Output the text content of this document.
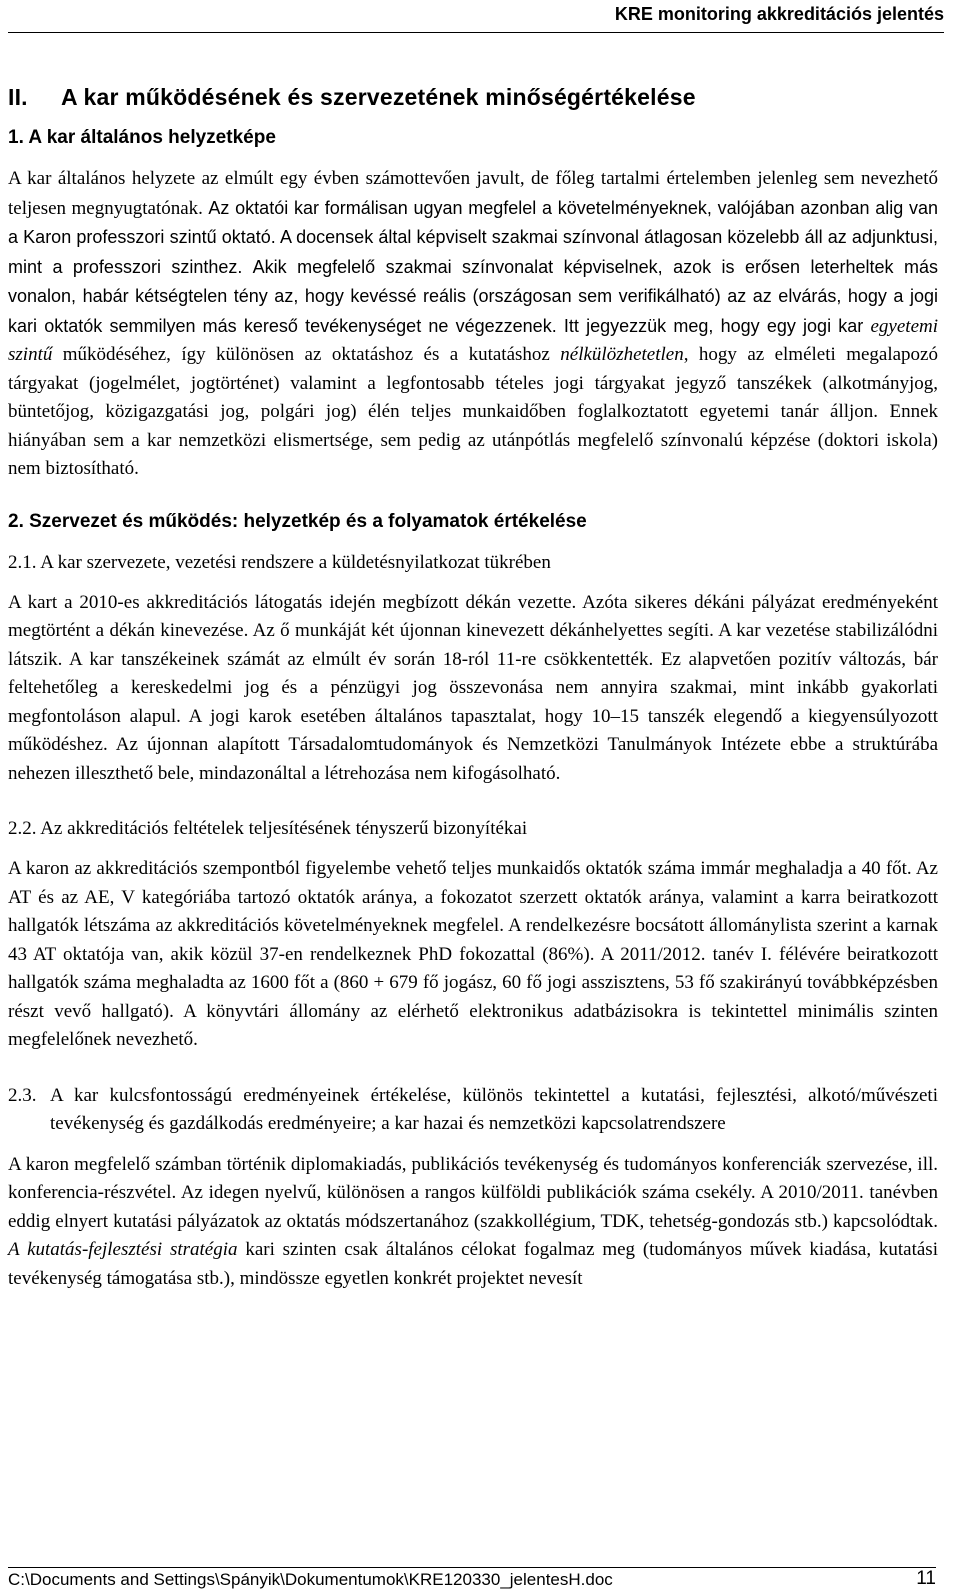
KRE monitoring akkreditációs jelentés
II. A kar működésének és szervezetének minőségértékelése
1. A kar általános helyzetképe

A kar általános helyzete az elmúlt egy évben számottevően javult, de főleg tartalmi értelemben jelenleg sem nevezhető teljesen megnyugtatónak. Az oktatói kar formálisan ugyan megfelel a követelményeknek, valójában azonban alig van a Karon professzori szintű oktató. A docensek által képviselt szakmai színvonal átlagosan közelebb áll az adjunktusi, mint a professzori szinthez. Akik megfelelő szakmai színvonalat képviselnek, azok is erősen leterheltek más vonalon, habár kétségtelen tény az, hogy kevéssé reális (országosan sem verifikálható) az az elvárás, hogy a jogi kari oktatók semmilyen más kereső tevékenységet ne végezzenek. Itt jegyezzük meg, hogy egy jogi kar egyetemi szintű működéséhez, így különösen az oktatáshoz és a kutatáshoz nélkülözhetetlen, hogy az elméleti megalapozó tárgyakat (jogelmélet, jogtörténet) valamint a legfontosabb tételes jogi tárgyakat jegyző tanszékek (alkotmányjog, büntetőjog, közigazgatási jog, polgári jog) élén teljes munkaidőben foglalkoztatott egyetemi tanár álljon. Ennek hiányában sem a kar nemzetközi elismertsége, sem pedig az utánpótlás megfelelő színvonalú képzése (doktori iskola) nem biztosítható.

2. Szervezet és működés: helyzetkép és a folyamatok értékelése
2.1. A kar szervezete, vezetési rendszere a küldetésnyilatkozat tükrében

A kart a 2010-es akkreditációs látogatás idején megbízott dékán vezette. Azóta sikeres dékáni pályázat eredményeként megtörtént a dékán kinevezése. Az ő munkáját két újonnan kinevezett dékánhelyettes segíti. A kar vezetése stabilizálódni látszik. A kar tanszékeinek számát az elmúlt év során 18-ról 11-re csökkentették. Ez alapvetően pozitív változás, bár feltehetőleg a kereskedelmi jog és a pénzügyi jog összevonása nem annyira szakmai, mint inkább gyakorlati megfontoláson alapul. A jogi karok esetében általános tapasztalat, hogy 10–15 tanszék elegendő a kiegyensúlyozott működéshez. Az újonnan alapított Társadalomtudományok és Nemzetközi Tanulmányok Intézete ebbe a struktúrába nehezen illeszthető bele, mindazonáltal a létrehozása nem kifogásolható.

2.2. Az akkreditációs feltételek teljesítésének tényszerű bizonyítékai

A karon az akkreditációs szempontból figyelembe vehető teljes munkaidős oktatók száma immár meghaladja a 40 főt. Az AT és az AE, V kategóriába tartozó oktatók aránya, a fokozatot szerzett oktatók aránya, valamint a karra beiratkozott hallgatók létszáma az akkreditációs követelményeknek megfelel. A rendelkezésre bocsátott állománylista szerint a karnak 43 AT oktatója van, akik közül 37-en rendelkeznek PhD fokozattal (86%). A 2011/2012. tanév I. félévére beiratkozott hallgatók száma meghaladta az 1600 főt a (860 + 679 fő jogász, 60 fő jogi asszisztens, 53 fő szakirányú továbbképzésben részt vevő hallgató). A könyvtári állomány az elérhető elektronikus adatbázisokra is tekintettel minimális szinten megfelelőnek nevezhető.

2.3. A kar kulcsfontosságú eredményeinek értékelése, különös tekintettel a kutatási, fejlesztési, alkotó/művészeti tevékenység és gazdálkodás eredményeire; a kar hazai és nemzetközi kapcsolatrendszere

A karon megfelelő számban történik diplomakiadás, publikációs tevékenység és tudományos konferenciák szervezése, ill. konferencia-részvétel. Az idegen nyelvű, különösen a rangos külföldi publikációk száma csekély. A 2010/2011. tanévben eddig elnyert kutatási pályázatok az oktatás módszertanához (szakkollégium, TDK, tehetség-gondozás stb.) kapcsolódtak. A kutatás-fejlesztési stratégia kari szinten csak általános célokat fogalmaz meg (tudományos művek kiadása, kutatási tevékenység támogatása stb.), mindössze egyetlen konkrét projektet nevesít

C:\Documents and Settings\Spányik\Dokumentumok\KRE120330_jelentesH.doc	11
